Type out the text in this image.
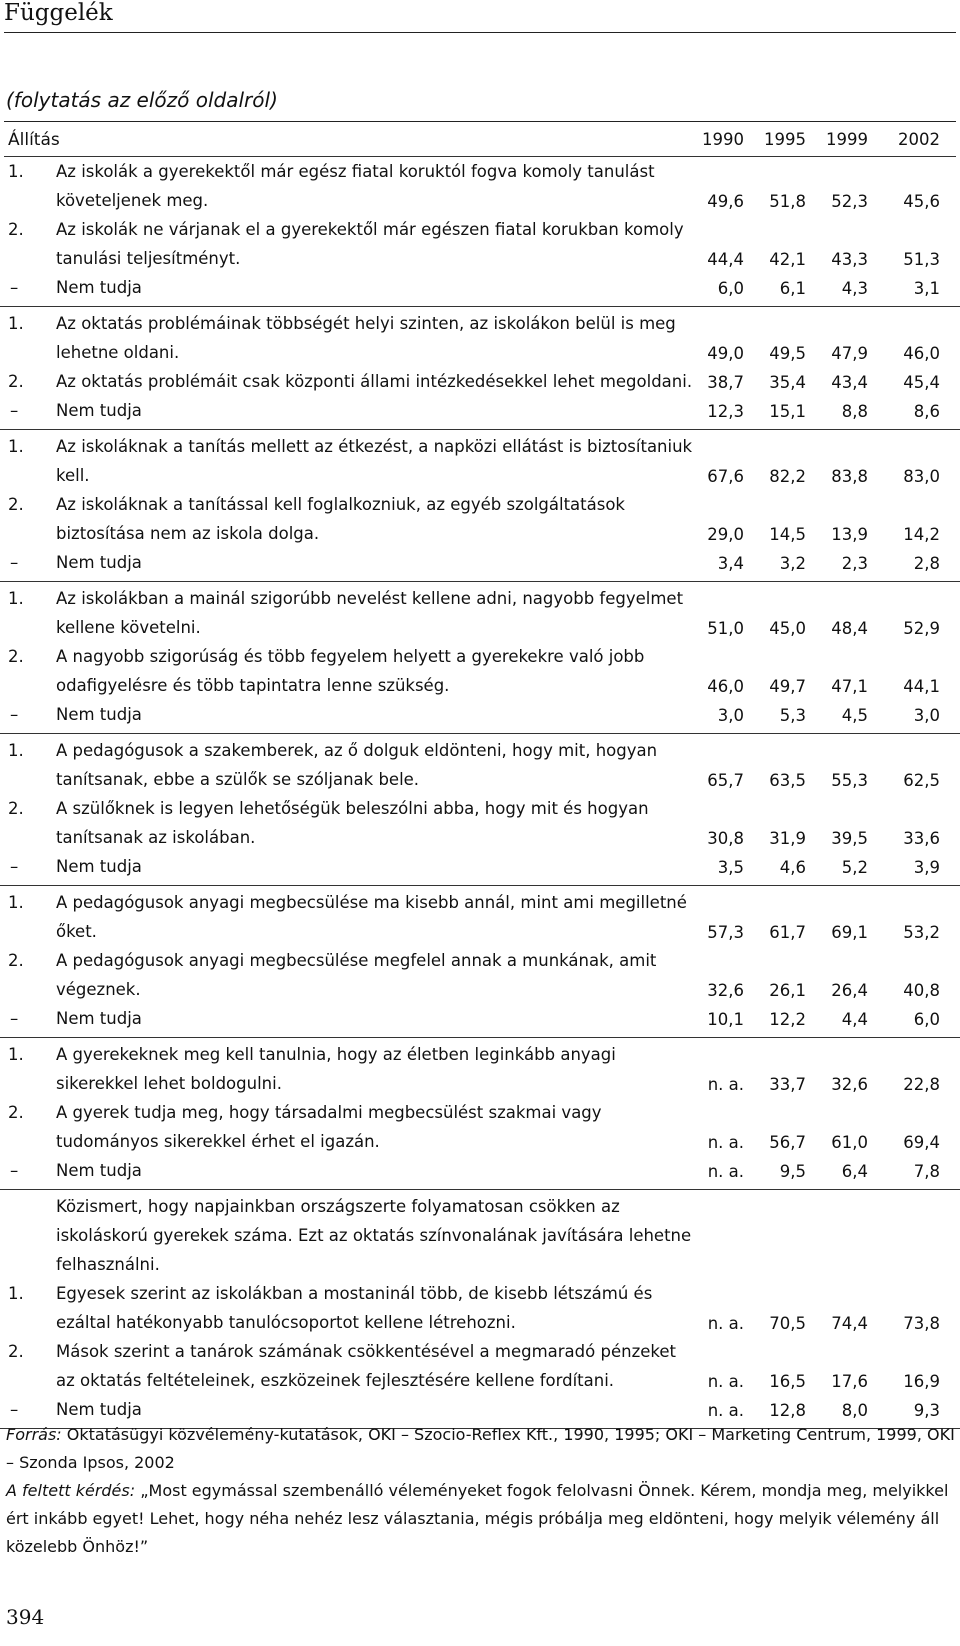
Függelék
(folytatás az előző oldalról)
Állítás	1990	1995	1999	2002
1.	Az iskolák a gyerekektől már egész fiatal koruktól fogva komoly tanulást
követeljenek meg.	49,6	51,8	52,3	45,6
2.	Az iskolák ne várjanak el a gyerekektől már egészen fiatal korukban komoly
tanulási teljesítményt.	44,4	42,1	43,3	51,3
–	Nem tudja	6,0	6,1	4,3	3,1
1.	Az oktatás problémáinak többségét helyi szinten, az iskolákon belül is meg
lehetne oldani.	49,0	49,5	47,9	46,0
2.	Az oktatás problémáit csak központi állami intézkedésekkel lehet megoldani. 38,7	35,4	43,4	45,4
–	Nem tudja	12,3	15,1	8,8	8,6
1.	Az iskoláknak a tanítás mellett az étkezést, a napközi ellátást is biztosítaniuk
kell.	67,6	82,2	83,8	83,0
2.	Az iskoláknak a tanítással kell foglalkozniuk, az egyéb szolgáltatások
biztosítása nem az iskola dolga.	29,0	14,5	13,9	14,2
–	Nem tudja	3,4	3,2	2,3	2,8
1.	Az iskolákban a mainál szigorúbb nevelést kellene adni, nagyobb fegyelmet
kellene követelni.	51,0	45,0	48,4	52,9
2.	A nagyobb szigorúság és több fegyelem helyett a gyerekekre való jobb
odafigyelésre és több tapintatra lenne szükség.	46,0	49,7	47,1	44,1
–	Nem tudja	3,0	5,3	4,5	3,0
1.	A pedagógusok a szakemberek, az ő dolguk eldönteni, hogy mit, hogyan
tanítsanak, ebbe a szülők se szóljanak bele.	65,7	63,5	55,3	62,5
2.	A szülőknek is legyen lehetőségük beleszólni abba, hogy mit és hogyan
tanítsanak az iskolában.	30,8	31,9	39,5	33,6
–	Nem tudja	3,5	4,6	5,2	3,9
1.	A pedagógusok anyagi megbecsülése ma kisebb annál, mint ami megilletné
őket.	57,3	61,7	69,1	53,2
2.	A pedagógusok anyagi megbecsülése megfelel annak a munkának, amit
végeznek.	32,6	26,1	26,4	40,8
–	Nem tudja	10,1	12,2	4,4	6,0
1.	A gyerekeknek meg kell tanulnia, hogy az életben leginkább anyagi
sikerekkel lehet boldogulni.	n. a.	33,7	32,6	22,8
2.	A gyerek tudja meg, hogy társadalmi megbecsülést szakmai vagy
tudományos sikerekkel érhet el igazán.	n. a.	56,7	61,0	69,4
–	Nem tudja	n. a.	9,5	6,4	7,8
Közismert, hogy napjainkban országszerte folyamatosan csökken az
iskoláskorú gyerekek száma. Ezt az oktatás színvonalának javítására lehetne
felhasználni.
1.	Egyesek szerint az iskolákban a mostaninál több, de kisebb létszámú és
ezáltal hatékonyabb tanulócsoportot kellene létrehozni.	n. a.	70,5	74,4	73,8
2.	Mások szerint a tanárok számának csökkentésével a megmaradó pénzeket
az oktatás feltételeinek, eszközeinek fejlesztésére kellene fordítani.	n. a.	16,5	17,6	16,9
–	Nem tudja	n. a.	12,8	8,0	9,3
Forrás: Oktatásügyi közvélemény-kutatások, OKI – Szocio-Reflex Kft., 1990, 1995; OKI – Marketing Centrum, 1999, OKI – Szonda Ipsos, 2002
A feltett kérdés: „Most egymással szembenálló véleményeket fogok felolvasni Önnek. Kérem, mondja meg, melyikkel ért inkább egyet! Lehet, hogy néha nehéz lesz választania, mégis próbálja meg eldönteni, hogy melyik vélemény áll közelebb Önhöz!”
394
